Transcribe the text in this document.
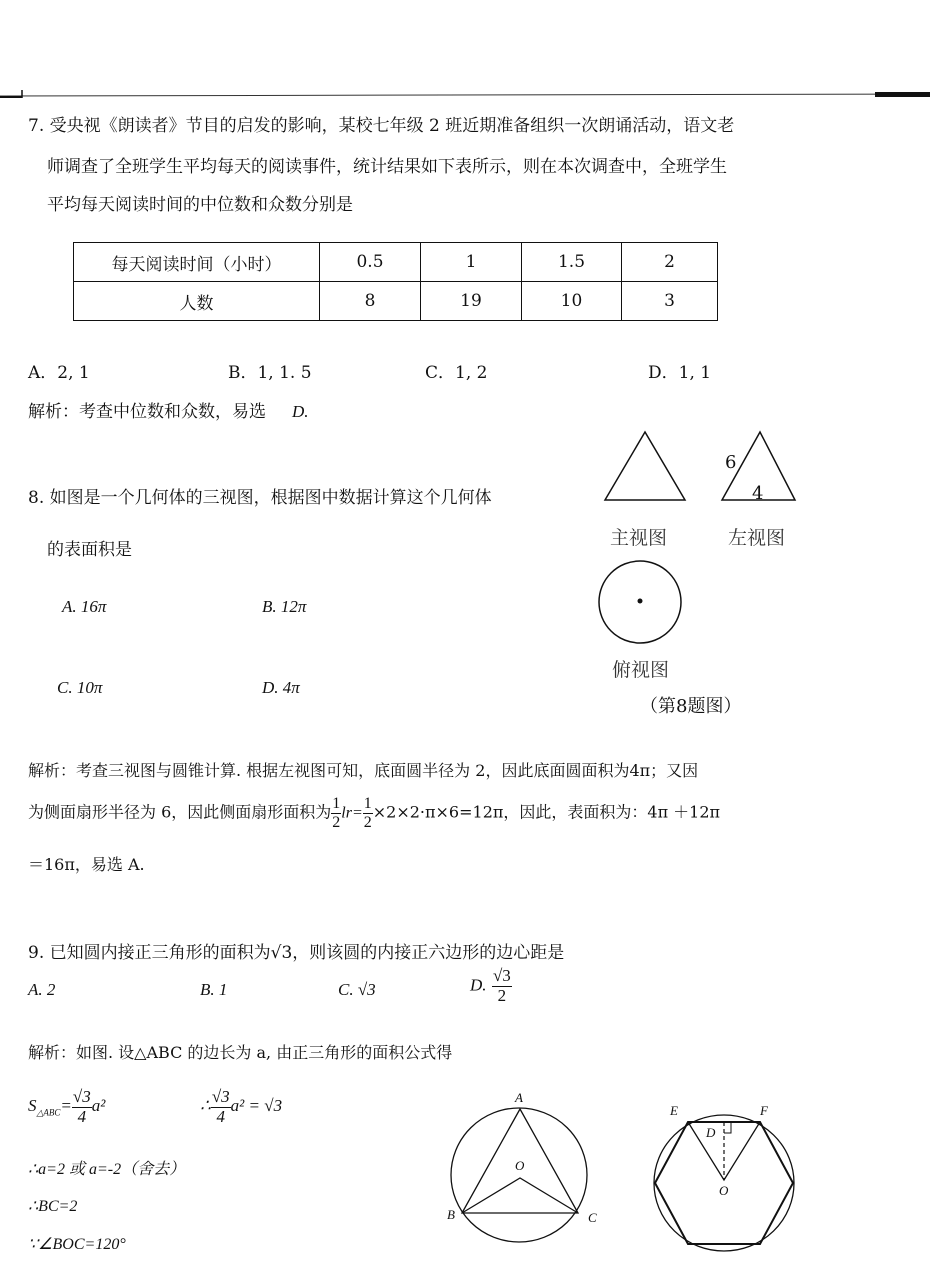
7. 受央视《朗读者》节目的启发的影响，某校七年级 2 班近期准备组织一次朗诵活动，语文老
师调查了全班学生平均每天的阅读事件，统计结果如下表所示，则在本次调查中，全班学生
平均每天阅读时间的中位数和众数分别是
每天阅读时间（小时）	0.5	1	1.5	2
人数	8	19	10	3
A．2, 1	B．1, 1. 5	C．1, 2	D．1, 1
解析：考查中位数和众数，易选 D.
8. 如图是一个几何体的三视图，根据图中数据计算这个几何体
的表面积是
A. 16π	B. 12π
C. 10π	D. 4π
6
4
主视图	左视图
俯视图
（第8题图）
解析：考查三视图与圆锥计算. 根据左视图可知，底面圆半径为 2，因此底面圆面积为4π；又因
为侧面扇形半径为 6，因此侧面扇形面积为 $\frac{1}{2} lr= \frac{1}{2} \times 2\times 2\cdot\pi\times 6=12\pi$，因此，表面积为：4π ＋12π
＝16π，易选 A.
9. 已知圆内接正三角形的面积为√3，则该圆的内接正六边形的边心距是
A. 2	B. 1	C. √3	D. $\frac{√3}{2}$
解析：如图. 设△ABC 的边长为 a, 由正三角形的面积公式得
$S_{\triangle ABC}= \frac{√3}{4} a^2$	∴ $\frac{√3}{4} a^2 = √3$
∴a=2 或 a=-2（舍去）
∴BC=2
∵∠BOC=120°
A
B	C
O
E	F
D
O
